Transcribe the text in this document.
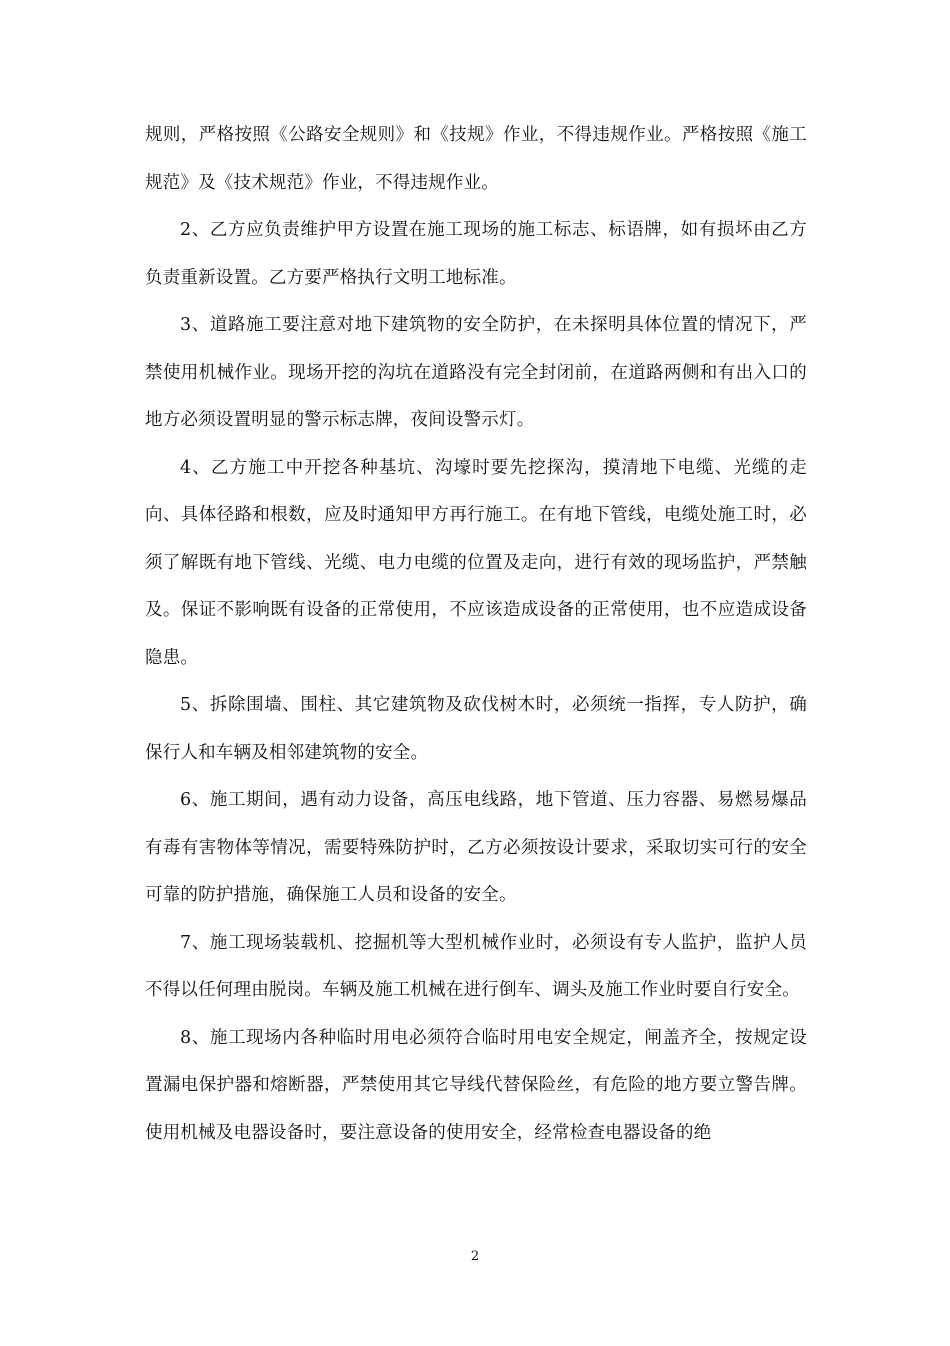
规则，严格按照《公路安全规则》和《技规》作业，不得违规作业。严格按照《施工规范》及《技术规范》作业，不得违规作业。

2、乙方应负责维护甲方设置在施工现场的施工标志、标语牌，如有损坏由乙方负责重新设置。乙方要严格执行文明工地标准。

3、道路施工要注意对地下建筑物的安全防护，在未探明具体位置的情况下，严禁使用机械作业。现场开挖的沟坑在道路没有完全封闭前，在道路两侧和有出入口的地方必须设置明显的警示标志牌，夜间设警示灯。

4、乙方施工中开挖各种基坑、沟壕时要先挖探沟，摸清地下电缆、光缆的走向、具体径路和根数，应及时通知甲方再行施工。在有地下管线，电缆处施工时，必须了解既有地下管线、光缆、电力电缆的位置及走向，进行有效的现场监护，严禁触及。保证不影响既有设备的正常使用，不应该造成设备的正常使用，也不应造成设备隐患。

5、拆除围墙、围柱、其它建筑物及砍伐树木时，必须统一指挥，专人防护，确保行人和车辆及相邻建筑物的安全。

6、施工期间，遇有动力设备，高压电线路，地下管道、压力容器、易燃易爆品有毒有害物体等情况，需要特殊防护时，乙方必须按设计要求，采取切实可行的安全可靠的防护措施，确保施工人员和设备的安全。

7、施工现场装载机、挖掘机等大型机械作业时，必须设有专人监护，监护人员不得以任何理由脱岗。车辆及施工机械在进行倒车、调头及施工作业时要自行安全。

8、施工现场内各种临时用电必须符合临时用电安全规定，闸盖齐全，按规定设置漏电保护器和熔断器，严禁使用其它导线代替保险丝，有危险的地方要立警告牌。使用机械及电器设备时，要注意设备的使用安全，经常检查电器设备的绝

2
